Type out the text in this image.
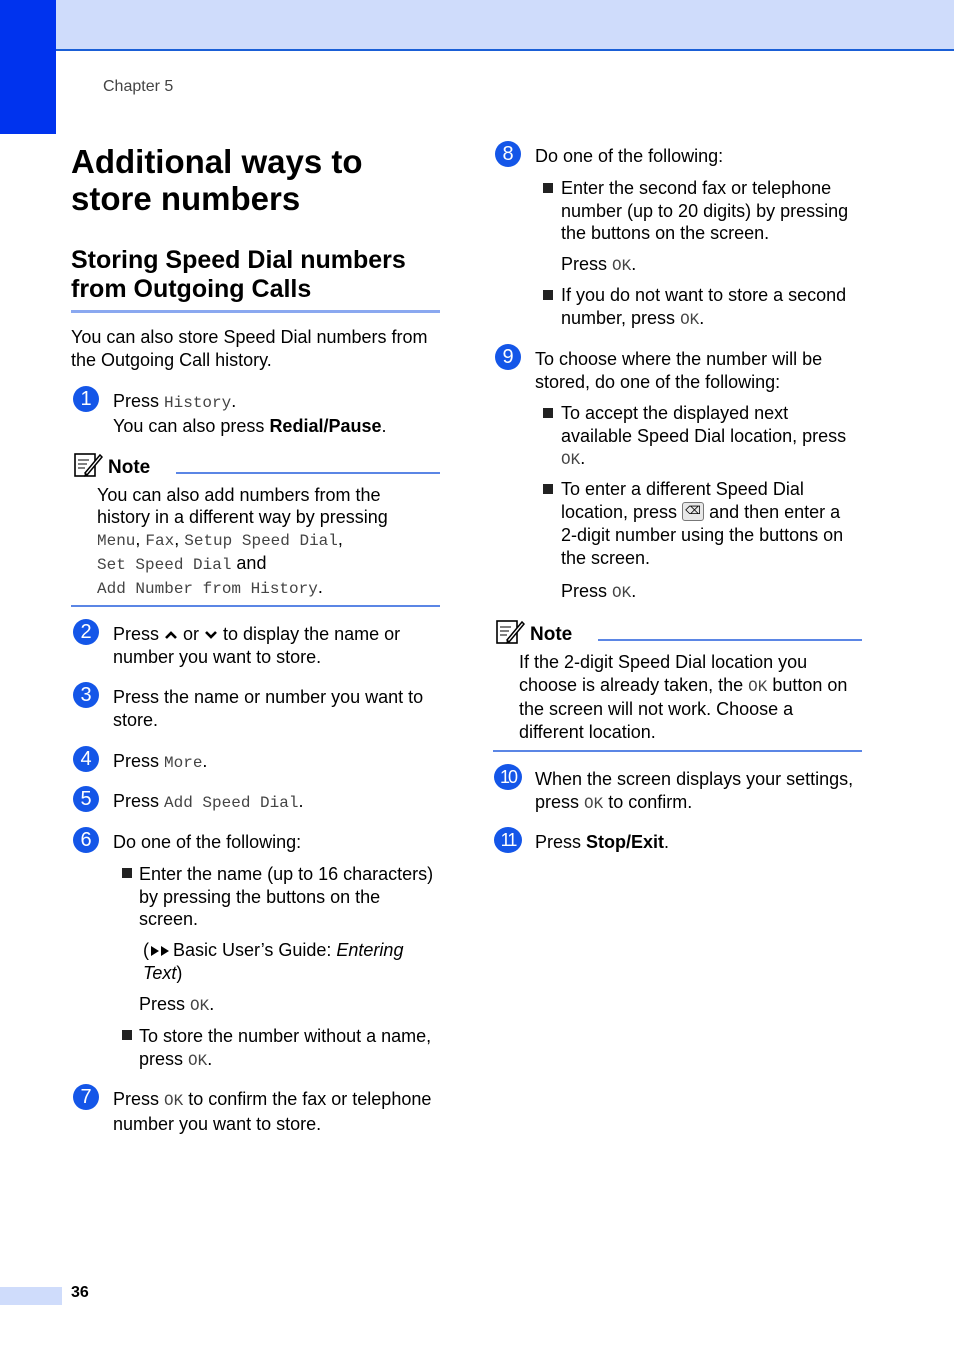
Chapter 5
Additional ways to store numbers
Storing Speed Dial numbers from Outgoing Calls
You can also store Speed Dial numbers from the Outgoing Call history.
1	Press History.
You can also press Redial/Pause.
Note
You can also add numbers from the
history in a different way by pressing
Menu, Fax, Setup Speed Dial,
Set Speed Dial and
Add Number from History.
2	Press  or  to display the name or
number you want to store.
3	Press the name or number you want to
store.
4	Press More.
5	Press Add Speed Dial.
6	Do one of the following:
Enter the name (up to 16 characters)
by pressing the buttons on the
screen.
( Basic User’s Guide: Entering
Text)
Press OK.
To store the number without a name,
press OK.
7	Press OK to confirm the fax or telephone
number you want to store.
8	Do one of the following:
Enter the second fax or telephone
number (up to 20 digits) by pressing
the buttons on the screen.
Press OK.
If you do not want to store a second
number, press OK.
9	To choose where the number will be
stored, do one of the following:
To accept the displayed next
available Speed Dial location, press
OK.
To enter a different Speed Dial
location, press ⌫ and then enter a
2-digit number using the buttons on
the screen.
Press OK.
Note
If the 2-digit Speed Dial location you
choose is already taken, the OK button on
the screen will not work. Choose a
different location.
10	When the screen displays your settings,
press OK to confirm.
11	Press Stop/Exit.
36
